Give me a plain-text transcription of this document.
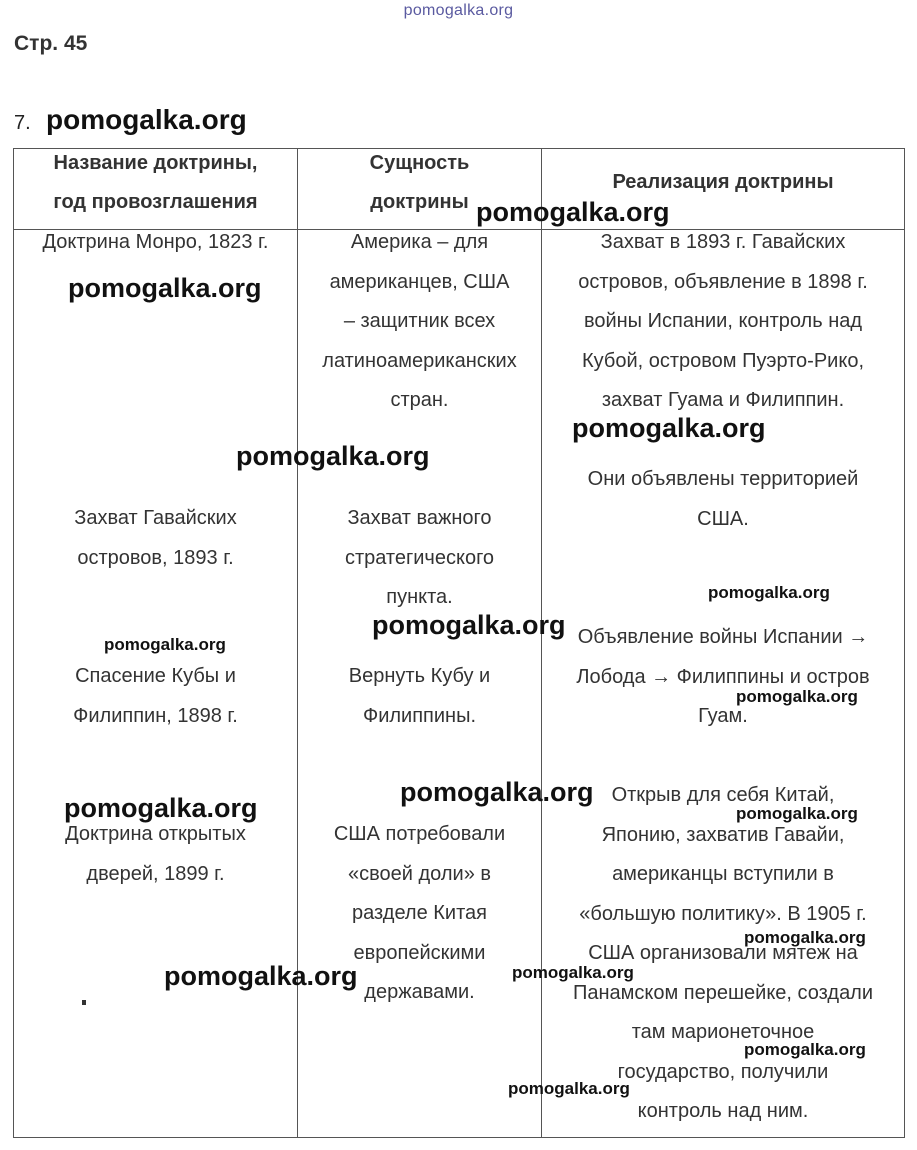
pomogalka.org
Стр. 45
7. pomogalka.org
Название доктрины,
год провозглашения
Сущность
доктрины
Реализация доктрины
Доктрина Монро, 1823 г.
Захват Гавайских
островов, 1893 г.
Спасение Кубы и
Филиппин, 1898 г.
Доктрина открытых
дверей, 1899 г.
Америка – для
американцев, США
– защитник всех
латиноамериканских
стран.
Захват важного
стратегического
пункта.
Вернуть Кубу и
Филиппины.
США потребовали
«своей доли» в
разделе Китая
европейскими
державами.
Захват в 1893 г. Гавайских
островов, объявление в 1898 г.
войны Испании, контроль над
Кубой, островом Пуэрто-Рико,
захват Гуама и Филиппин.
Они объявлены территорией
США.
Объявление войны Испании →
Лобода → Филиппины и остров
Гуам.
Открыв для себя Китай,
Японию, захватив Гавайи,
американцы вступили в
«большую политику». В 1905 г.
США организовали мятеж на
Панамском перешейке, создали
там марионеточное
государство, получили
контроль над ним.
pomogalka.org
pomogalka.org
pomogalka.org
pomogalka.org
pomogalka.org
pomogalka.org
pomogalka.org
pomogalka.org
pomogalka.org
pomogalka.org	pomogalka.org
pomogalka.org
pomogalka.org	pomogalka.org
pomogalka.org
pomogalka.org
